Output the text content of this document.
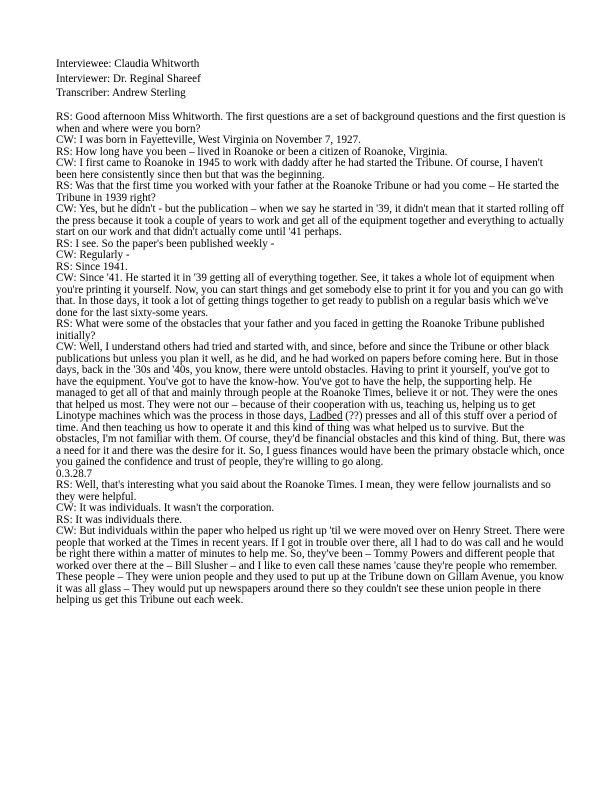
Interviewee: Claudia Whitworth
Interviewer: Dr. Reginal Shareef
Transcriber: Andrew Sterling

RS: Good afternoon Miss Whitworth. The first questions are a set of background questions and the first question is when and where were you born?

CW: I was born in Fayetteville, West Virginia on November 7, 1927.

RS: How long have you been – lived in Roanoke or been a citizen of Roanoke, Virginia.

CW: I first came to Roanoke in 1945 to work with daddy after he had started the Tribune. Of course, I haven't been here consistently since then but that was the beginning.

RS: Was that the first time you worked with your father at the Roanoke Tribune or had you come – He started the Tribune in 1939 right?

CW: Yes, but he didn't - but the publication – when we say he started in '39, it didn't mean that it started rolling off the press because it took a couple of years to work and get all of the equipment together and everything to actually start on our work and that didn't actually come until '41 perhaps.

RS: I see. So the paper's been published weekly -

CW: Regularly -

RS: Since 1941.

CW: Since '41. He started it in '39 getting all of everything together. See, it takes a whole lot of equipment when you're printing it yourself. Now, you can start things and get somebody else to print it for you and you can go with that. In those days, it took a lot of getting things together to get ready to publish on a regular basis which we've done for the last sixty-some years.

RS: What were some of the obstacles that your father and you faced in getting the Roanoke Tribune published initially?

CW: Well, I understand others had tried and started with, and since, before and since the Tribune or other black publications but unless you plan it well, as he did, and he had worked on papers before coming here. But in those days, back in the '30s and '40s, you know, there were untold obstacles. Having to print it yourself, you've got to have the equipment. You've got to have the know-how. You've got to have the help, the supporting help. He managed to get all of that and mainly through people at the Roanoke Times, believe it or not. They were the ones that helped us most. They were not our – because of their cooperation with us, teaching us, helping us to get Linotype machines which was the process in those days, Ladbed (??) presses and all of this stuff over a period of time. And then teaching us how to operate it and this kind of thing was what helped us to survive. But the obstacles, I'm not familiar with them. Of course, they'd be financial obstacles and this kind of thing. But, there was a need for it and there was the desire for it. So, I guess finances would have been the primary obstacle which, once you gained the confidence and trust of people, they're willing to go along.

0.3.28.7

RS: Well, that's interesting what you said about the Roanoke Times. I mean, they were fellow journalists and so they were helpful.

CW: It was individuals. It wasn't the corporation.

RS: It was individuals there.

CW: But individuals within the paper who helped us right up 'til we were moved over on Henry Street. There were people that worked at the Times in recent years. If I got in trouble over there, all I had to do was call and he would be right there within a matter of minutes to help me. So, they've been – Tommy Powers and different people that worked over there at the – Bill Slusher – and I like to even call these names 'cause they're people who remember. These people – They were union people and they used to put up at the Tribune down on Gillam Avenue, you know it was all glass – They would put up newspapers around there so they couldn't see these union people in there helping us get this Tribune out each week.
